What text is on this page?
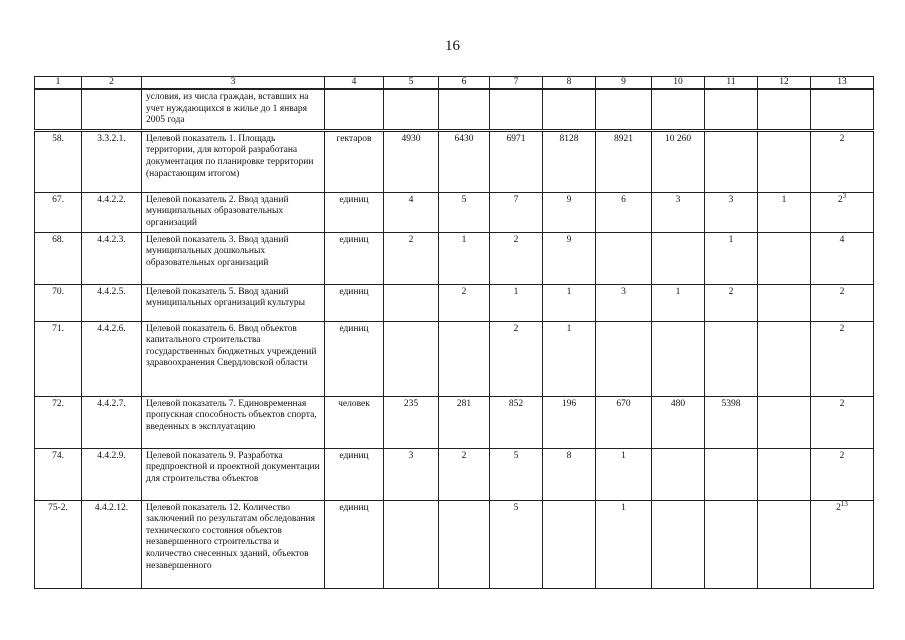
16
1	2	3	4	5	6	7	8	9	10	11	12	13
		условия, из числа граждан, вставших на учет нуждающихся в жилье до 1 января 2005 года										
58.	3.3.2.1.	Целевой показатель 1. Площадь территории, для которой разработана документация по планировке территории (нарастающим итогом)	гектаров	4930	6430	6971	8128	8921	10 260			2
67.	4.4.2.2.	Целевой показатель 2. Ввод зданий муниципальных образовательных организаций	единиц	4	5	7	9	6	3	3	1	$2^3$
68.	4.4.2.3.	Целевой показатель 3. Ввод зданий муниципальных дошкольных образовательных организаций	единиц	2	1	2	9			1		4
70.	4.4.2.5.	Целевой показатель 5. Ввод зданий муниципальных организаций культуры	единиц		2	1	1	3	1	2		2
71.	4.4.2.6.	Целевой показатель 6. Ввод объектов капитального строительства государственных бюджетных учреждений здравоохранения Свердловской области	единиц			2	1					2
72.	4.4.2.7.	Целевой показатель 7. Единовременная пропускная способность объектов спорта, введенных в эксплуатацию	человек	235	281	852	196	670	480	5398		2
74.	4.4.2.9.	Целевой показатель 9. Разработка предпроектной и проектной документации для строительства объектов	единиц	3	2	5	8	1				2
75-2.	4.4.2.12.	Целевой показатель 12. Количество заключений по результатам обследования технического состояния объектов незавершенного строительства и количество снесенных зданий, объектов незавершенного	единиц			5		1				$2^{13}$
